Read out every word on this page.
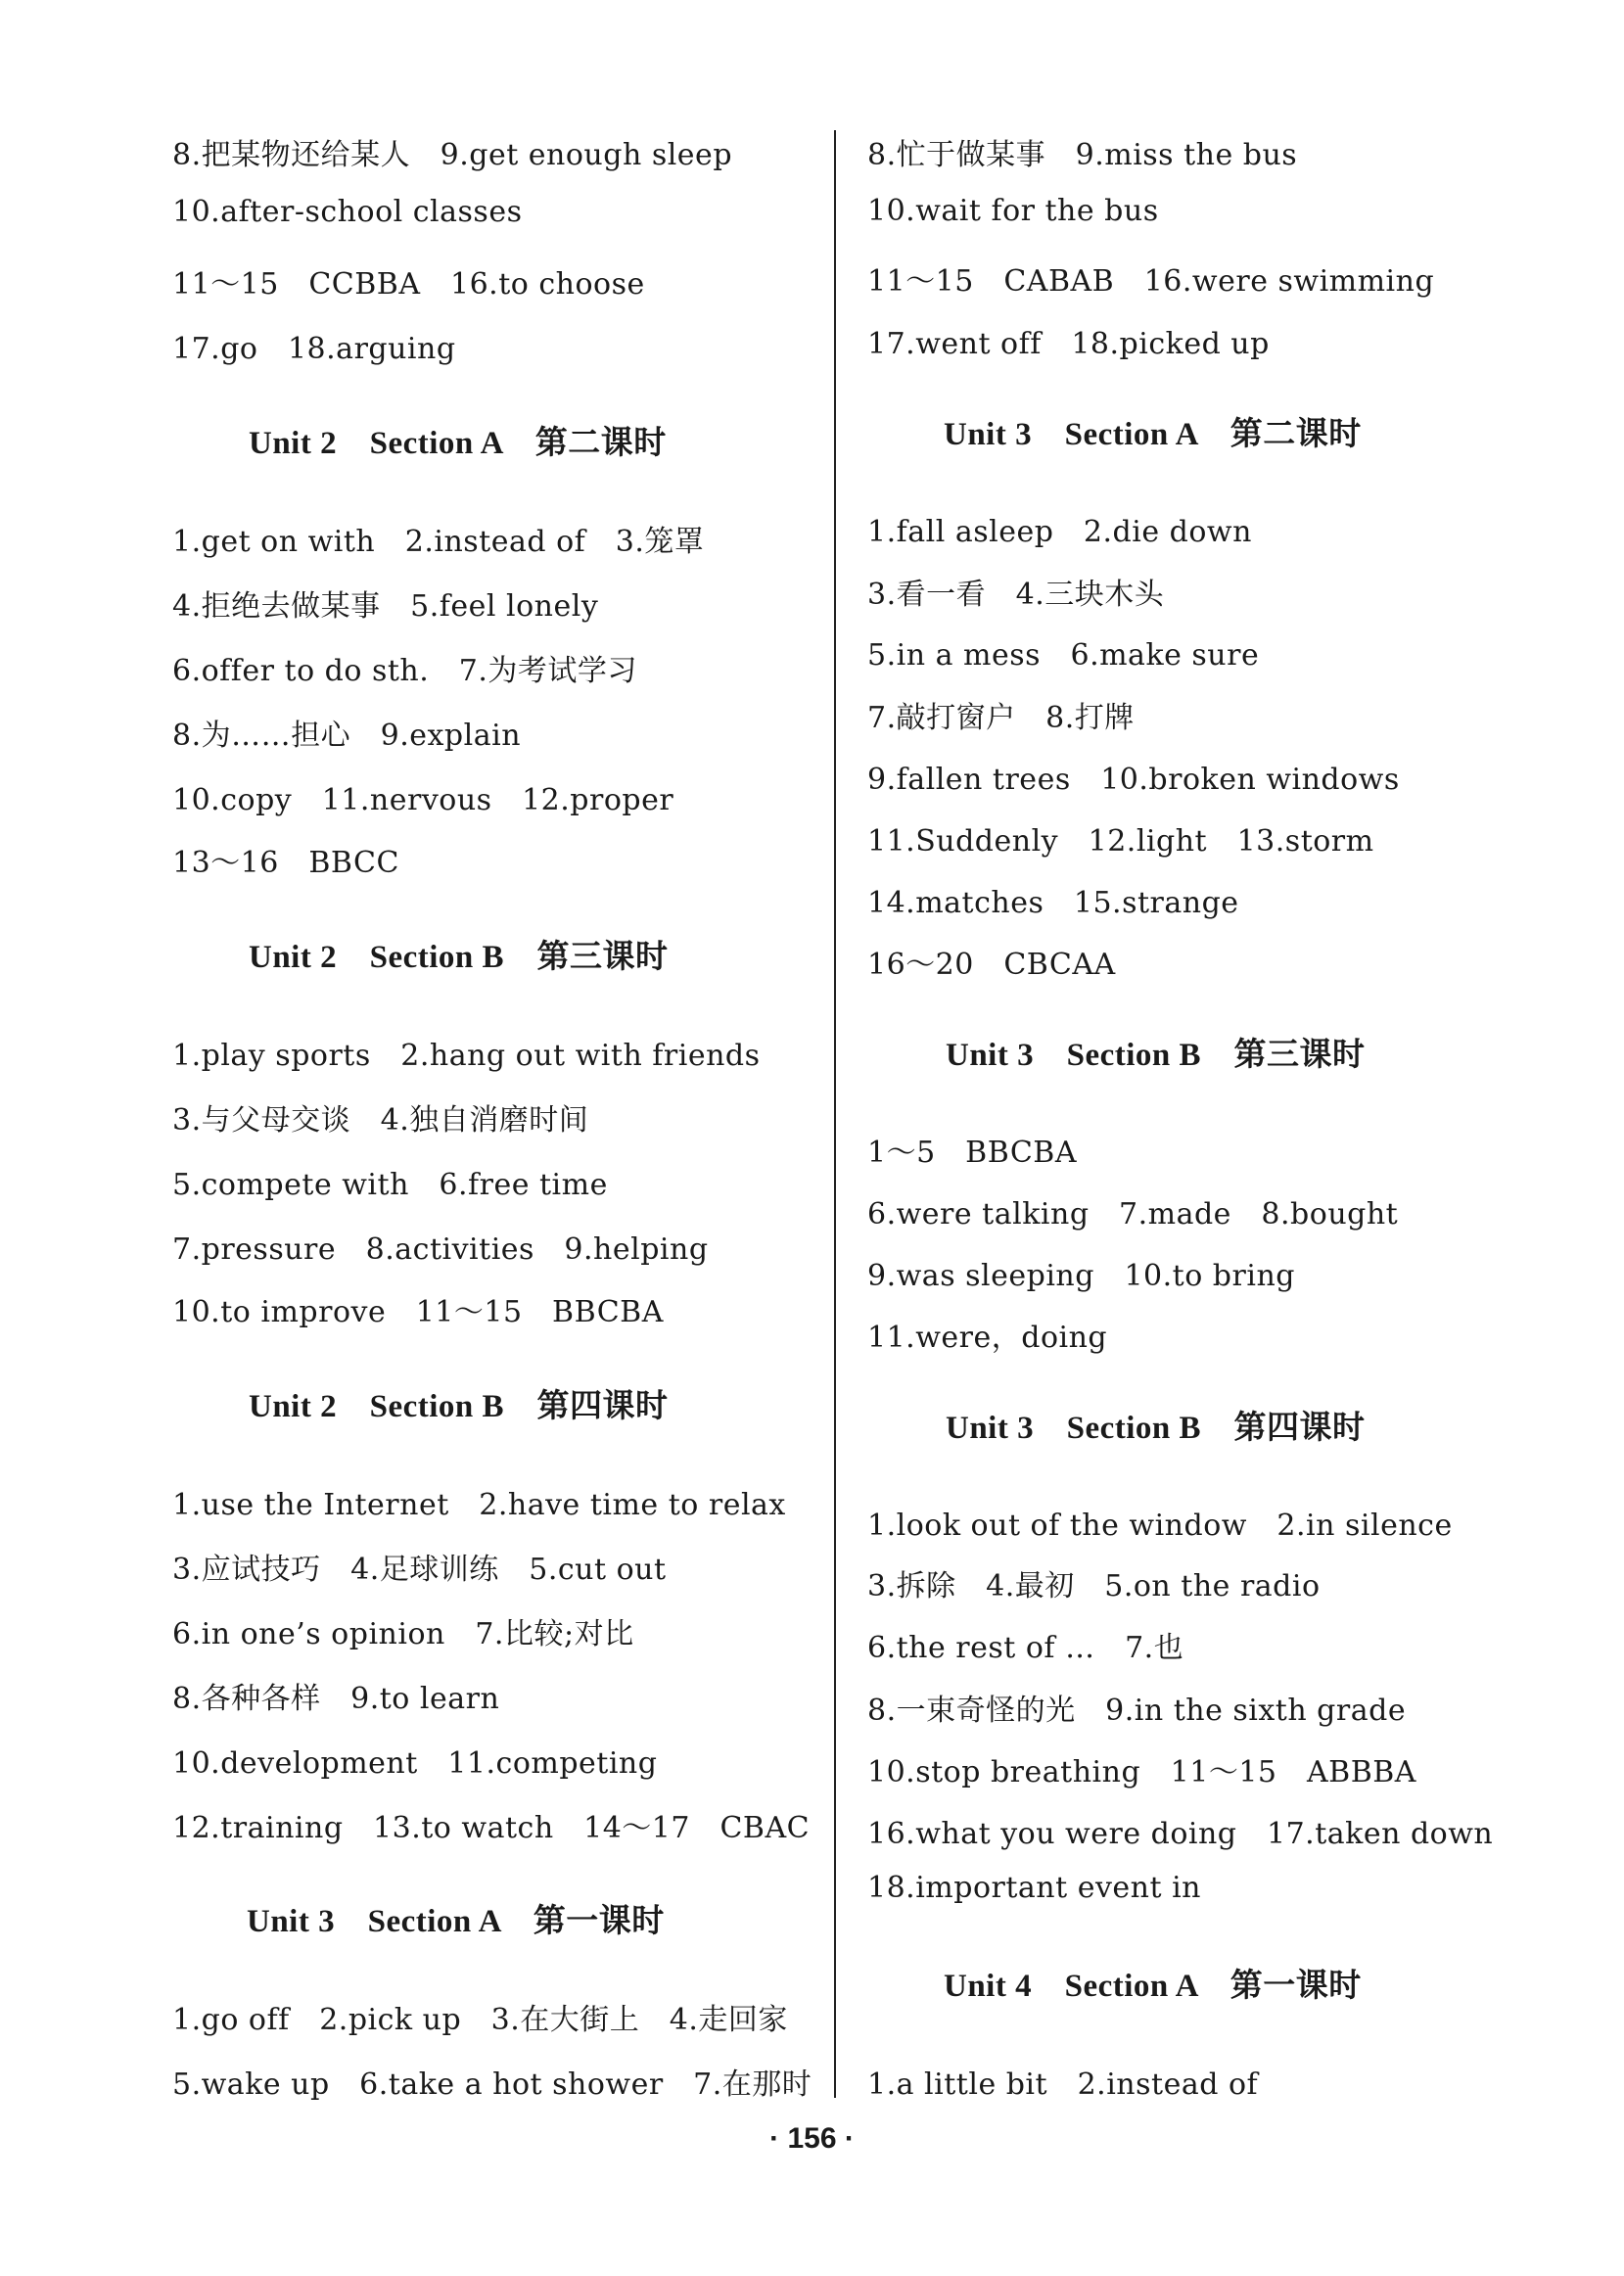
8.把某物还给某人　9.get enough sleep
10.after-school classes
11～15　CCBBA　16.to choose
17.go　18.arguing
Unit 2　Section A　第二课时
1.get on with　2.instead of　3.笼罩
4.拒绝去做某事　5.feel lonely
6.offer to do sth.　7.为考试学习
8.为……担心　9.explain
10.copy　11.nervous　12.proper
13～16　BBCC
Unit 2　Section B　第三课时
1.play sports　2.hang out with friends
3.与父母交谈　4.独自消磨时间
5.compete with　6.free time
7.pressure　8.activities　9.helping
10.to improve　11～15　BBCBA
Unit 2　Section B　第四课时
1.use the Internet　2.have time to relax
3.应试技巧　4.足球训练　5.cut out
6.in one’s opinion　7.比较;对比
8.各种各样　9.to learn
10.development　11.competing
12.training　13.to watch　14～17　CBAC
Unit 3　Section A　第一课时
1.go off　2.pick up　3.在大街上　4.走回家
5.wake up　6.take a hot shower　7.在那时
8.忙于做某事　9.miss the bus
10.wait for the bus
11～15　CABAB　16.were swimming
17.went off　18.picked up
Unit 3　Section A　第二课时
1.fall asleep　2.die down
3.看一看　4.三块木头
5.in a mess　6.make sure
7.敲打窗户　8.打牌
9.fallen trees　10.broken windows
11.Suddenly　12.light　13.storm
14.matches　15.strange
16～20　CBCAA
Unit 3　Section B　第三课时
1～5　BBCBA
6.were talking　7.made　8.bought
9.was sleeping　10.to bring
11.were，doing
Unit 3　Section B　第四课时
1.look out of the window　2.in silence
3.拆除　4.最初　5.on the radio
6.the rest of …　7.也
8.一束奇怪的光　9.in the sixth grade
10.stop breathing　11～15　ABBBA
16.what you were doing　17.taken down
18.important event in
Unit 4　Section A　第一课时
1.a little bit　2.instead of
· 156 ·
